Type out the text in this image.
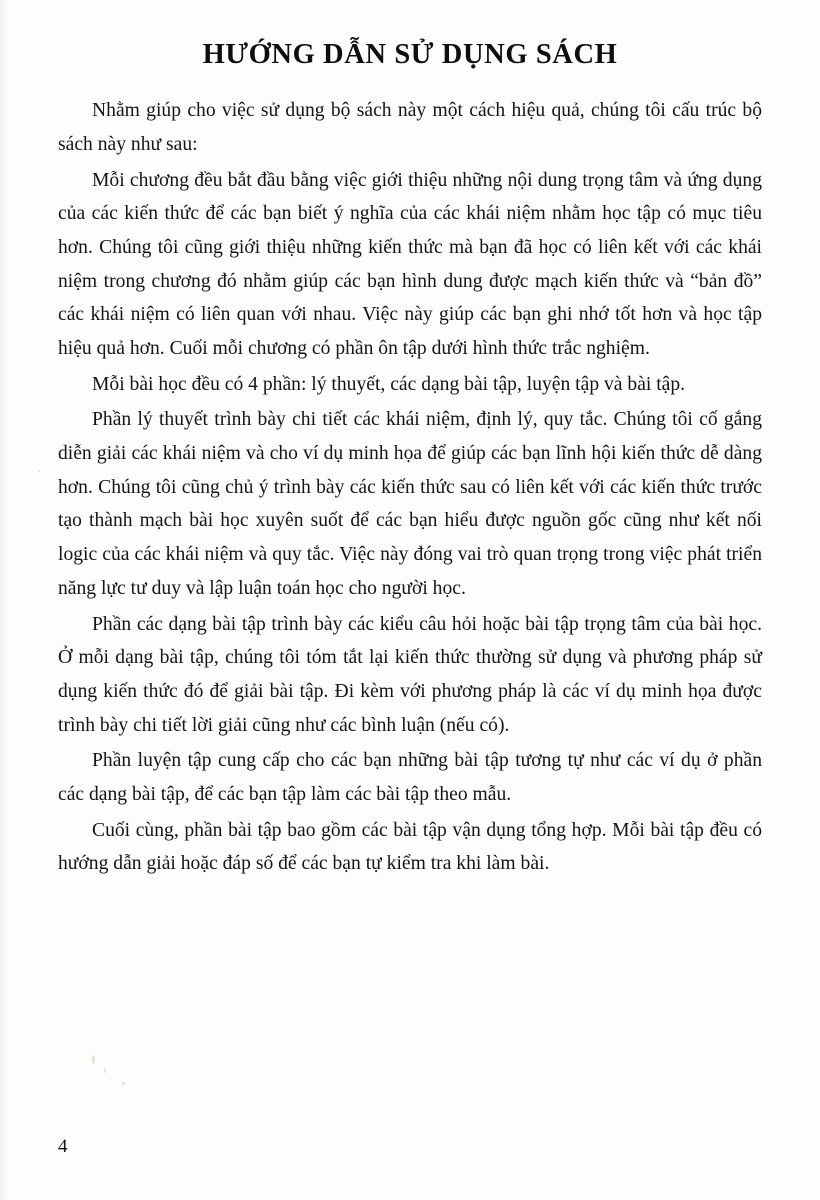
HƯỚNG DẪN SỬ DỤNG SÁCH

Nhằm giúp cho việc sử dụng bộ sách này một cách hiệu quả, chúng tôi cấu trúc bộ sách này như sau:

Mỗi chương đều bắt đầu bằng việc giới thiệu những nội dung trọng tâm và ứng dụng của các kiến thức để các bạn biết ý nghĩa của các khái niệm nhằm học tập có mục tiêu hơn. Chúng tôi cũng giới thiệu những kiến thức mà bạn đã học có liên kết với các khái niệm trong chương đó nhằm giúp các bạn hình dung được mạch kiến thức và “bản đồ” các khái niệm có liên quan với nhau. Việc này giúp các bạn ghi nhớ tốt hơn và học tập hiệu quả hơn. Cuối mỗi chương có phần ôn tập dưới hình thức trắc nghiệm.

Mỗi bài học đều có 4 phần: lý thuyết, các dạng bài tập, luyện tập và bài tập.

Phần lý thuyết trình bày chi tiết các khái niệm, định lý, quy tắc. Chúng tôi cố gắng diễn giải các khái niệm và cho ví dụ minh họa để giúp các bạn lĩnh hội kiến thức dễ dàng hơn. Chúng tôi cũng chủ ý trình bày các kiến thức sau có liên kết với các kiến thức trước tạo thành mạch bài học xuyên suốt để các bạn hiểu được nguồn gốc cũng như kết nối logic của các khái niệm và quy tắc. Việc này đóng vai trò quan trọng trong việc phát triển năng lực tư duy và lập luận toán học cho người học.

Phần các dạng bài tập trình bày các kiểu câu hỏi hoặc bài tập trọng tâm của bài học. Ở mỗi dạng bài tập, chúng tôi tóm tắt lại kiến thức thường sử dụng và phương pháp sử dụng kiến thức đó để giải bài tập. Đi kèm với phương pháp là các ví dụ minh họa được trình bày chi tiết lời giải cũng như các bình luận (nếu có).

Phần luyện tập cung cấp cho các bạn những bài tập tương tự như các ví dụ ở phần các dạng bài tập, để các bạn tập làm các bài tập theo mẫu.

Cuối cùng, phần bài tập bao gồm các bài tập vận dụng tổng hợp. Mỗi bài tập đều có hướng dẫn giải hoặc đáp số để các bạn tự kiểm tra khi làm bài.

4
